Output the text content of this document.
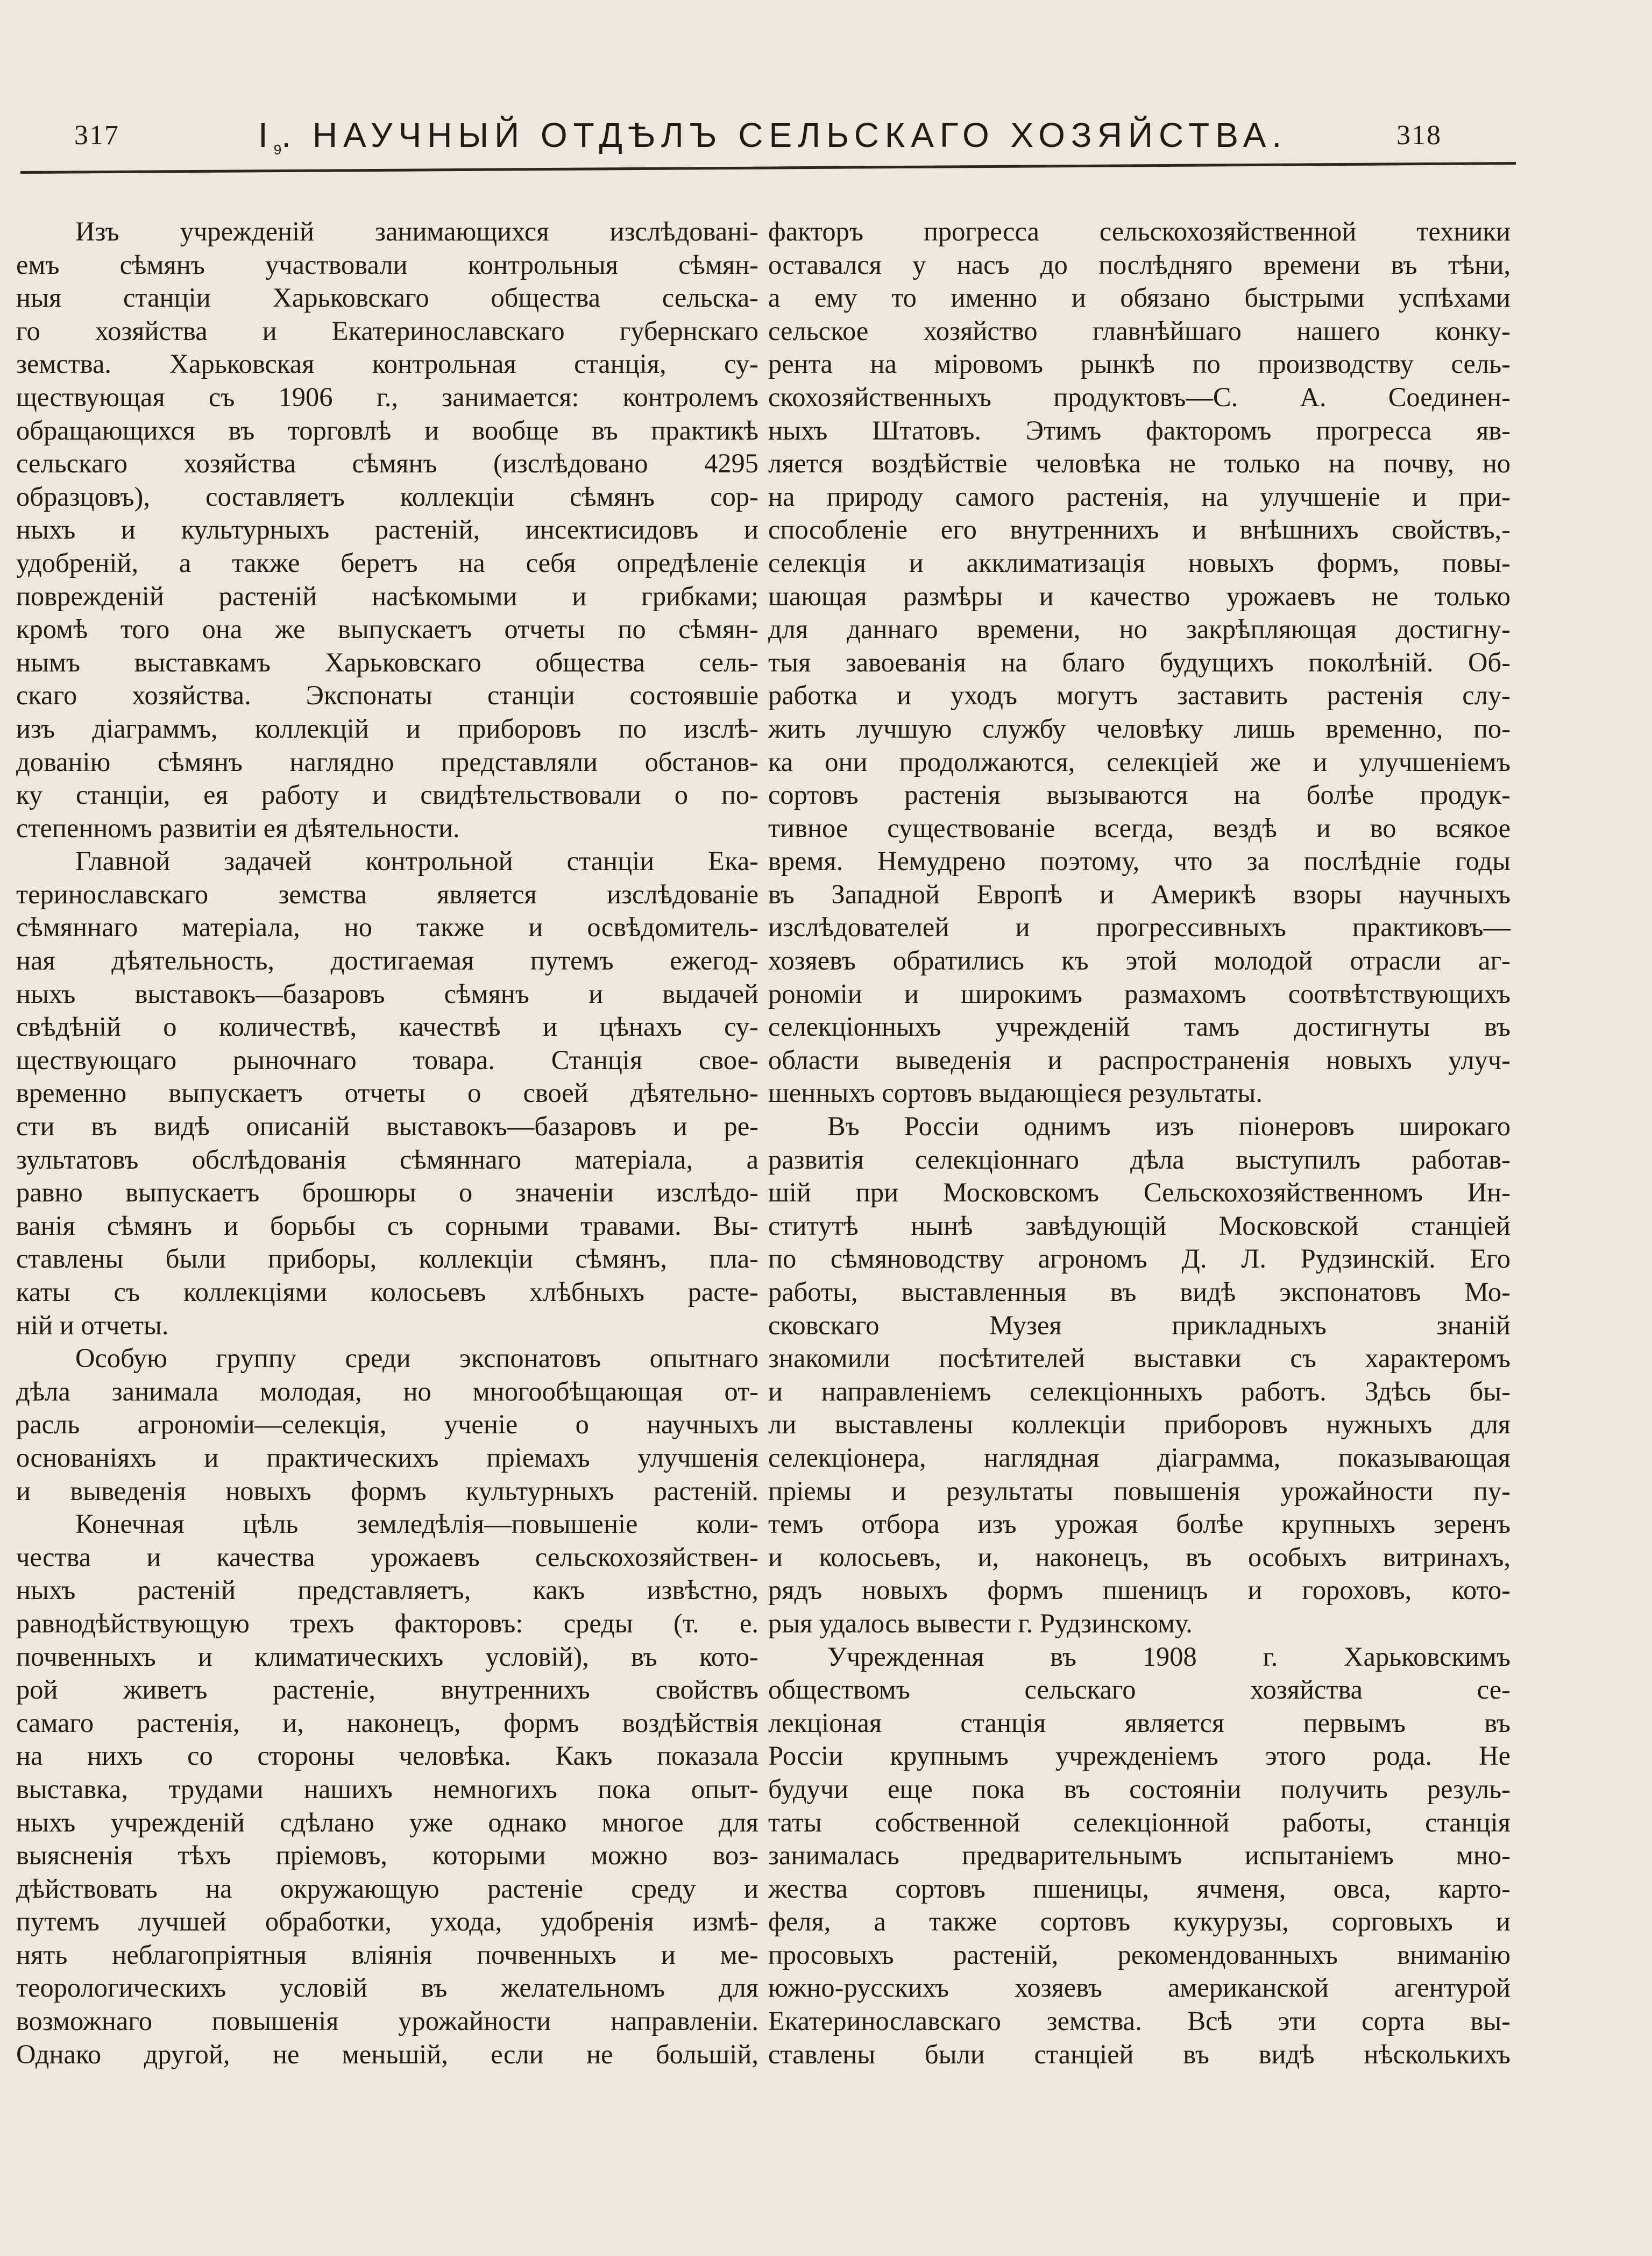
317	$I_9$. НАУЧНЫЙ ОТДѢЛЪ СЕЛЬСКАГО ХОЗЯЙСТВА.	318
Изъ учрежденій занимающихся изслѣдовані-
емъ сѣмянъ участвовали контрольныя сѣмян-
ныя станціи Харьковскаго общества сельска-
го хозяйства и Екатеринославскаго губернскаго
земства. Харьковская контрольная станція, су-
ществующая съ 1906 г., занимается: контролемъ
обращающихся въ торговлѣ и вообще въ практикѣ
сельскаго хозяйства сѣмянъ (изслѣдовано 4295
образцовъ), составляетъ коллекціи сѣмянъ сор-
ныхъ и культурныхъ растеній, инсектисидовъ и
удобреній, а также беретъ на себя опредѣленіе
повреждeній растеній насѣкомыми и грибками;
кромѣ того она же выпускаетъ отчеты по сѣмян-
нымъ выставкамъ Харьковскаго общества сель-
скаго хозяйства. Экспонаты станціи состоявшіе
изъ діаграммъ, коллекцій и приборовъ по изслѣ-
дованію сѣмянъ наглядно представляли обстанов-
ку станціи, ея работу и свидѣтельствовали о по-
степенномъ развитіи ея дѣятельности.
Главной задачей контрольной станціи Ека-
теринославскаго земства является изслѣдованіе
сѣмяннаго матеріала, но также и освѣдомитель-
ная дѣятельность, достигаемая путемъ ежегод-
ныхъ выставокъ—базаровъ сѣмянъ и выдачей
свѣдѣній о количествѣ, качествѣ и цѣнахъ су-
ществующаго рыночнаго товара. Станція свое-
временно выпускаетъ отчеты о своей дѣятельно-
сти въ видѣ описаній выставокъ—базаровъ и ре-
зультатовъ обслѣдованія сѣмяннаго матеріала, а
равно выпускаетъ брошюры о значеніи изслѣдо-
ванія сѣмянъ и борьбы съ сорными травами. Вы-
ставлены были приборы, коллекціи сѣмянъ, пла-
каты съ коллекціями колосьевъ хлѣбныхъ расте-
ній и отчеты.
Особую группу среди экспонатовъ опытнаго
дѣла занимала молодая, но многообѣщающая от-
расль агрономіи—селекція, ученіе о научныхъ
основаніяхъ и практическихъ пріемахъ улучшенія
и выведенія новыхъ формъ культурныхъ растеній.
Конечная цѣль земледѣлія—повышеніе коли-
чества и качества урожаевъ сельскохозяйствен-
ныхъ растеній представляетъ, какъ извѣстно,
равнодѣйствующую трехъ факторовъ: среды (т. е.
почвенныхъ и климатическихъ условій), въ кото-
рой живетъ растеніе, внутреннихъ свойствъ
самаго растенія, и, наконецъ, формъ воздѣйствія
на нихъ со стороны человѣка. Какъ показала
выставка, трудами нашихъ немногихъ пока опыт-
ныхъ учрежденій сдѣлано уже однако многое для
выясненія тѣхъ пріемовъ, которыми можно воз-
дѣйствовать на окружающую растеніе среду и
путемъ лучшей обработки, ухода, удобренія измѣ-
нять неблагопріятныя вліянія почвенныхъ и ме-
теорологическихъ условій въ желательномъ для
возможнаго повышенія урожайности направленіи.
Однако другой, не меньшій, если не большій,
факторъ прогресса сельскохозяйственной техники
оставался у насъ до послѣдняго времени въ тѣни,
а ему то именно и обязано быстрыми успѣхами
сельское хозяйство главнѣйшаго нашего конку-
рента на міровомъ рынкѣ по производству сель-
скохозяйственныхъ продуктовъ—С. А. Соединен-
ныхъ Штатовъ. Этимъ факторомъ прогресса яв-
ляется воздѣйствіе человѣка не только на почву, но
на природу самого растенія, на улучшеніе и при-
способленіе его внутреннихъ и внѣшнихъ свойствъ,-
селекція и акклиматизація новыхъ формъ, повы-
шающая размѣры и качество урожаевъ не только
для даннаго времени, но закрѣпляющая достигну-
тыя завоеванія на благо будущихъ поколѣній. Об-
работка и уходъ могутъ заставить растенія слу-
жить лучшую службу человѣку лишь временно, по-
ка они продолжаются, селекціей же и улучшеніемъ
сортовъ растенія вызываются на болѣе продук-
тивное существованіе всегда, вездѣ и во всякое
время. Немудрено поэтому, что за послѣдніе годы
въ Западной Европѣ и Америкѣ взоры научныхъ
изслѣдователей и прогрессивныхъ практиковъ—
хозяевъ обратились къ этой молодой отрасли аг-
рономіи и широкимъ размахомъ соотвѣтствующихъ
селекціонныхъ учрежденій тамъ достигнуты въ
области выведенія и распространенія новыхъ улуч-
шенныхъ сортовъ выдающіеся результаты.
Въ Россіи однимъ изъ піонеровъ широкаго
развитія селекціоннаго дѣла выступилъ работав-
шій при Московскомъ Сельскохозяйственномъ Ин-
ститутѣ нынѣ завѣдующій Московской станціей
по сѣмяноводству агрономъ Д. Л. Рудзинскій. Его
работы, выставленныя въ видѣ экспонатовъ Мо-
сковскаго Музея прикладныхъ знаній
знакомили посѣтителей выставки съ характеромъ
и направленіемъ селекціонныхъ работъ. Здѣсь бы-
ли выставлены коллекціи приборовъ нужныхъ для
селекціонера, наглядная діаграмма, показывающая
пріемы и результаты повышенія урожайности пу-
темъ отбора изъ урожая болѣе крупныхъ зеренъ
и колосьевъ, и, наконецъ, въ особыхъ витринахъ,
рядъ новыхъ формъ пшеницъ и гороховъ, кото-
рыя удалось вывести г. Рудзинскому.
Учрежденная въ 1908 г. Харьковскимъ
обществомъ сельскаго хозяйства се-
лекціоная станція является первымъ въ
Россіи крупнымъ учрежденіемъ этого рода. Не
будучи еще пока въ состояніи получить резуль-
таты собственной селекціонной работы, станція
занималась предварительнымъ испытаніемъ мно-
жества сортовъ пшеницы, ячменя, овса, карто-
феля, а также сортовъ кукурузы, сорговыхъ и
просовыхъ растеній, рекомендованныхъ вниманію
южно-русскихъ хозяевъ американской агентурой
Екатеринославскаго земства. Всѣ эти сорта вы-
ставлены были станціей въ видѣ нѣсколькихъ
